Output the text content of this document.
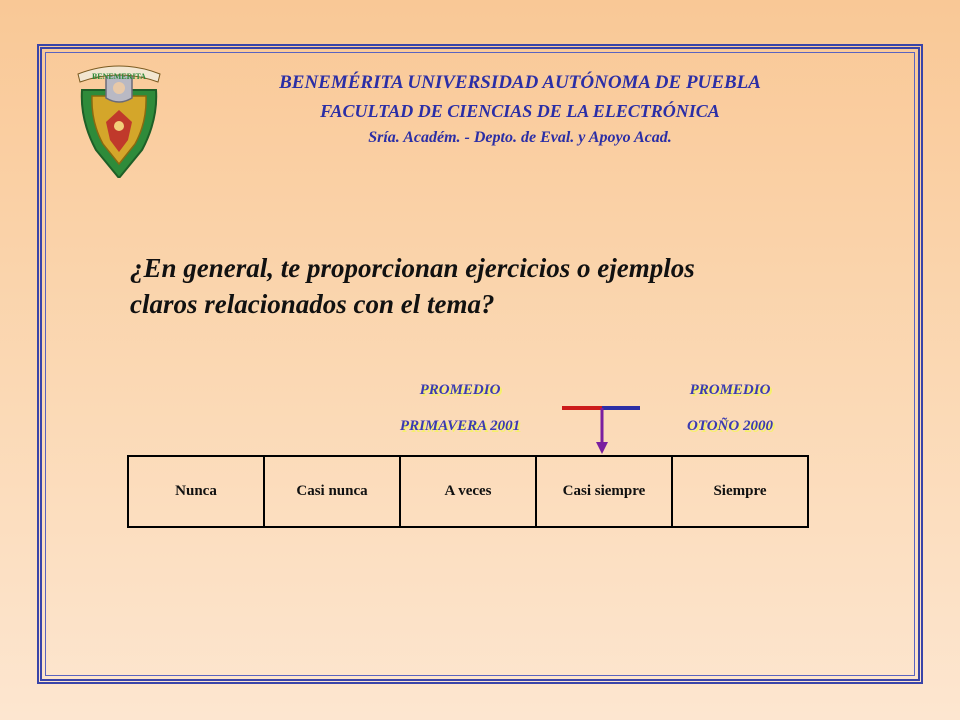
BENEMERITA	BENEMÉRITA UNIVERSIDAD AUTÓNOMA DE PUEBLA

FACULTAD DE CIENCIAS DE LA ELECTRÓNICA

Sría. Académ. - Depto. de Eval. y Apoyo Acad.

¿En general, te proporcionan ejercicios o ejemplos
claros relacionados con el tema?

PROMEDIO

PRIMAVERA 2001

PROMEDIO

OTOÑO 2000

Nunca	Casi nunca	A veces	Casi siempre	Siempre
